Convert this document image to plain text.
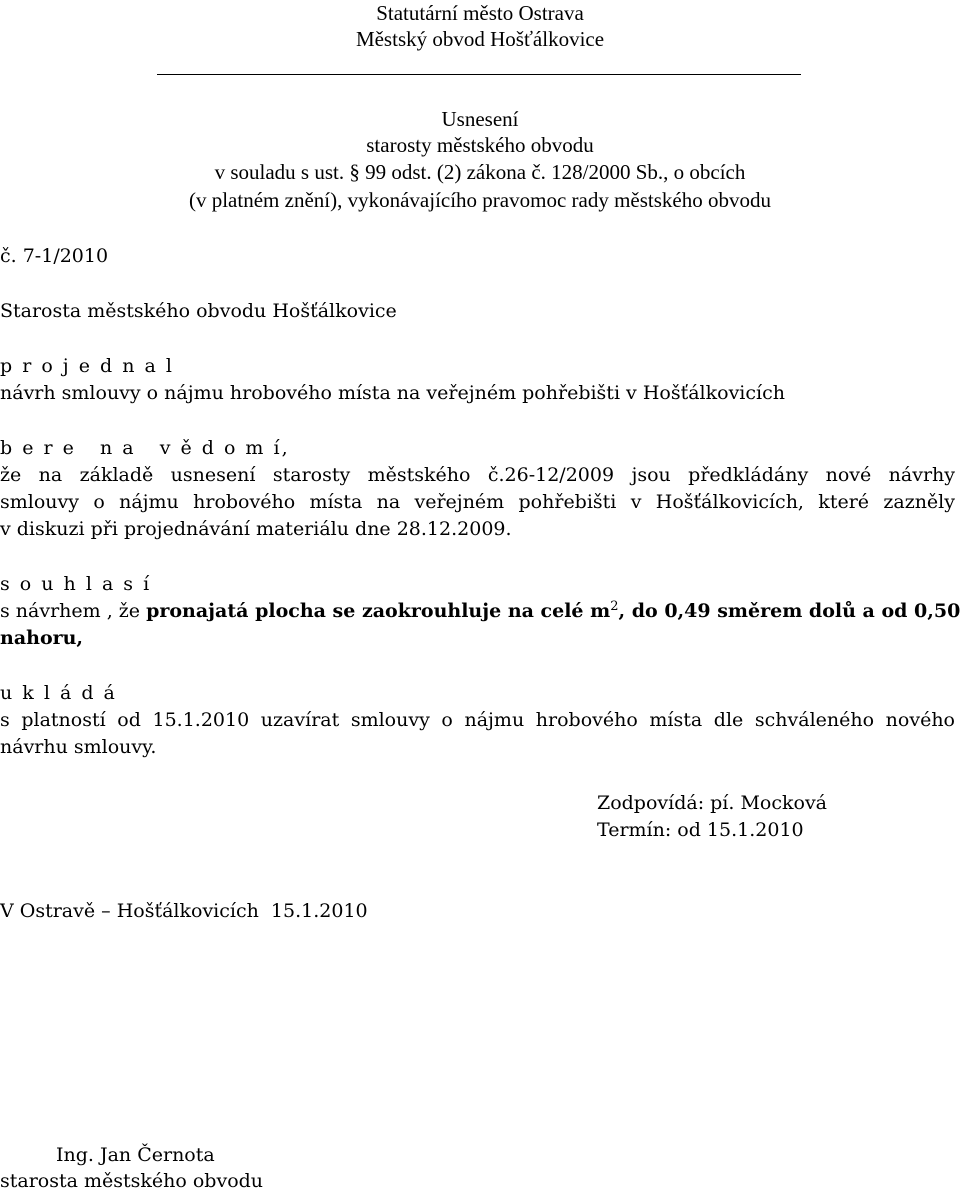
Statutární město Ostrava
Městský obvod Hošťálkovice
Usnesení
starosty městského obvodu
v souladu s ust. § 99 odst. (2) zákona č. 128/2000 Sb., o obcích
(v platném znění), vykonávajícího pravomoc rady městského obvodu
č. 7-1/2010
Starosta městského obvodu Hošťálkovice
p r o j e d n a l
návrh smlouvy o nájmu hrobového místa na veřejném pohřebišti v Hošťálkovicích
b e r e   n a   v ě d o m í,
že na základě usnesení starosty městského č.26-12/2009 jsou předkládány nové návrhy
smlouvy o nájmu hrobového místa na veřejném pohřebišti v Hošťálkovicích, které zazněly
v diskuzi při projednávání materiálu dne 28.12.2009.
s o u h l a s í
s návrhem , že pronajatá plocha se zaokrouhluje na celé $m^2$, do 0,49 směrem dolů a od 0,50
nahoru,
u k l á d á
s platností od 15.1.2010 uzavírat smlouvy o nájmu hrobového místa dle schváleného nového
návrhu smlouvy.
Zodpovídá: pí. Mocková
Termín: od 15.1.2010
V Ostravě – Hošťálkovicích  15.1.2010
Ing. Jan Černota
starosta městského obvodu
